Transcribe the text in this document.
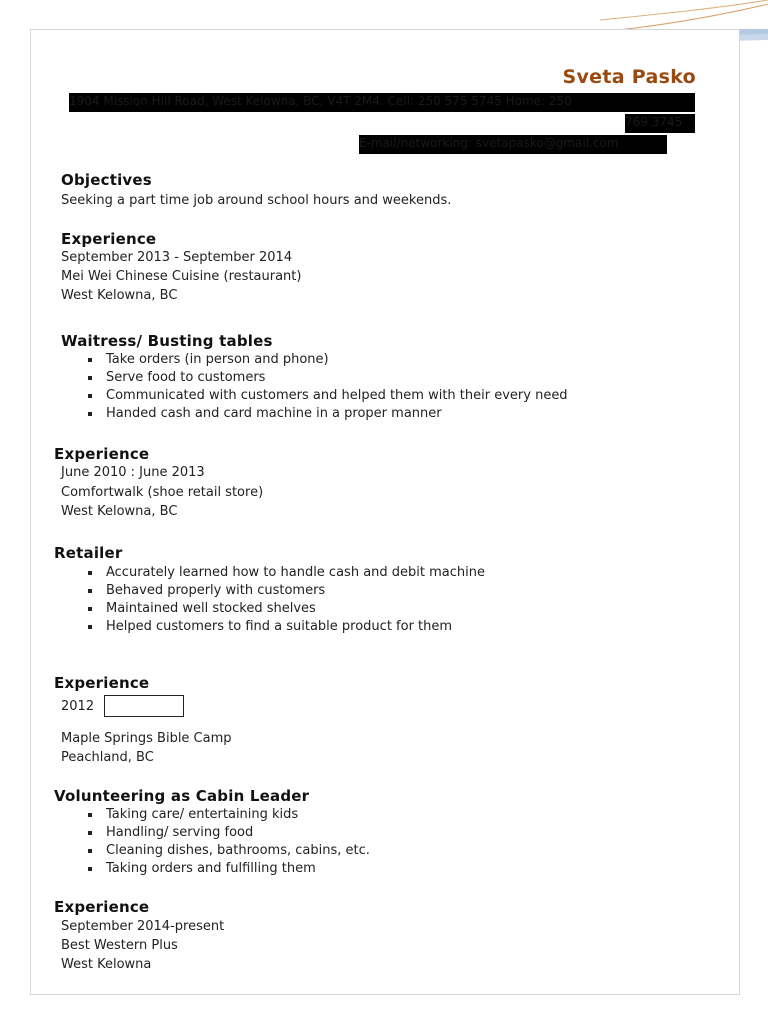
Sveta Pasko
1904 Mission Hill Road, West Kelowna, BC, V4T 2M4. Cell: 250 575 5745 Home: 250
769 3745
E-mail/networking: svetapasko@gmail.com
Objectives
Seeking a part time job around school hours and weekends.
Experience
September 2013 - September 2014
Mei Wei Chinese Cuisine (restaurant)
West Kelowna, BC
Waitress/ Busting tables
Take orders (in person and phone)
Serve food to customers
Communicated with customers and helped them with their every need
Handed cash and card machine in a proper manner
Experience
June 2010 : June 2013
Comfortwalk (shoe retail store)
West Kelowna, BC
Retailer
Accurately learned how to handle cash and debit machine
Behaved properly with customers
Maintained well stocked shelves
Helped customers to find a suitable product for them
Experience
2012
Maple Springs Bible Camp
Peachland, BC
Volunteering as Cabin Leader
Taking care/ entertaining kids
Handling/ serving food
Cleaning dishes, bathrooms, cabins, etc.
Taking orders and fulfilling them
Experience
September 2014-present
Best Western Plus
West Kelowna
